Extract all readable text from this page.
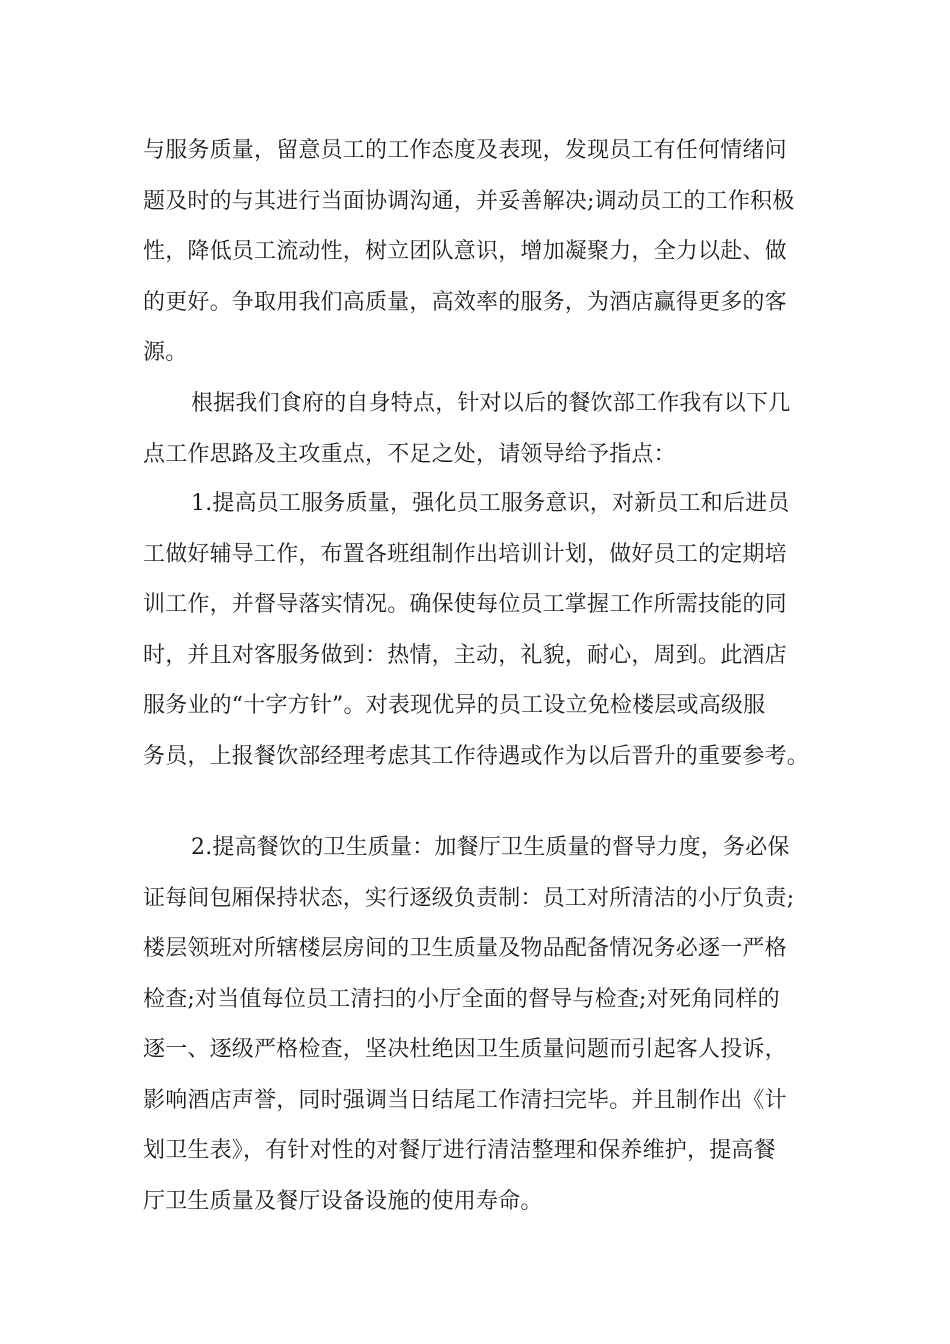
与服务质量，留意员工的工作态度及表现，发现员工有任何情绪问
题及时的与其进行当面协调沟通，并妥善解决;调动员工的工作积极
性，降低员工流动性，树立团队意识，增加凝聚力，全力以赴、做
的更好。争取用我们高质量，高效率的服务，为酒店赢得更多的客
源。
根据我们食府的自身特点，针对以后的餐饮部工作我有以下几
点工作思路及主攻重点，不足之处，请领导给予指点：
1.提高员工服务质量，强化员工服务意识，对新员工和后进员
工做好辅导工作，布置各班组制作出培训计划，做好员工的定期培
训工作，并督导落实情况。确保使每位员工掌握工作所需技能的同
时，并且对客服务做到：热情，主动，礼貌，耐心，周到。此酒店
服务业的“十字方针”。对表现优异的员工设立免检楼层或高级服
务员，上报餐饮部经理考虑其工作待遇或作为以后晋升的重要参考。
2.提高餐饮的卫生质量：加餐厅卫生质量的督导力度，务必保
证每间包厢保持状态，实行逐级负责制：员工对所清洁的小厅负责;
楼层领班对所辖楼层房间的卫生质量及物品配备情况务必逐一严格
检查;对当值每位员工清扫的小厅全面的督导与检查;对死角同样的
逐一、逐级严格检查，坚决杜绝因卫生质量问题而引起客人投诉，
影响酒店声誉，同时强调当日结尾工作清扫完毕。并且制作出《计
划卫生表》，有针对性的对餐厅进行清洁整理和保养维护，提高餐
厅卫生质量及餐厅设备设施的使用寿命。
